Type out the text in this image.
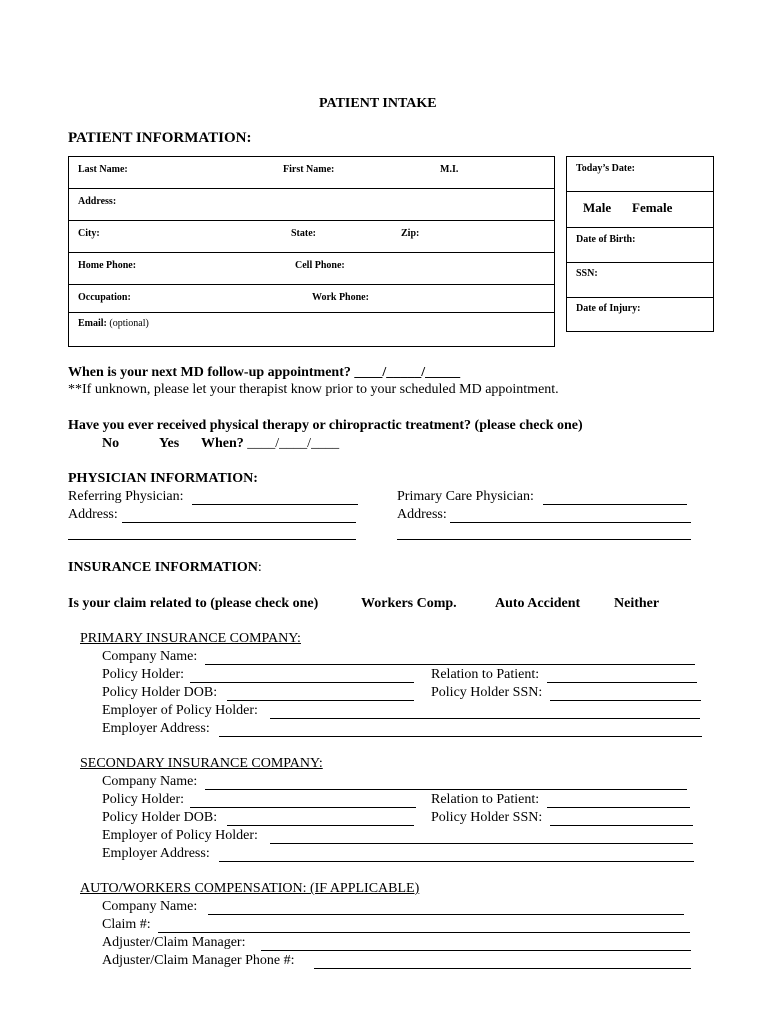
PATIENT INTAKE
PATIENT INFORMATION:
Last Name:	First Name:	M.I.
Address:
City:	State:	Zip:
Home Phone:	Cell Phone:
Occupation:	Work Phone:
Email: (optional)
Today’s Date:
Male Female
Date of Birth:
SSN:
Date of Injury:
When is your next MD follow-up appointment? ____/_____/_____
**If unknown, please let your therapist know prior to your scheduled MD appointment.
Have you ever received physical therapy or chiropractic treatment? (please check one)
No	Yes When? ____/____/____
PHYSICIAN INFORMATION:
Referring Physician:
Address:
Primary Care Physician:
Address:
INSURANCE INFORMATION:
Is your claim related to (please check one)	Workers Comp.	Auto Accident Neither
PRIMARY INSURANCE COMPANY:
Company Name:
Policy Holder:	Relation to Patient:
Policy Holder DOB:	Policy Holder SSN:
Employer of Policy Holder:
Employer Address:
SECONDARY INSURANCE COMPANY:
Company Name:
Policy Holder:	Relation to Patient:
Policy Holder DOB:	Policy Holder SSN:
Employer of Policy Holder:
Employer Address:
AUTO/WORKERS COMPENSATION: (IF APPLICABLE)
Company Name:
Claim #:
Adjuster/Claim Manager:
Adjuster/Claim Manager Phone #:
